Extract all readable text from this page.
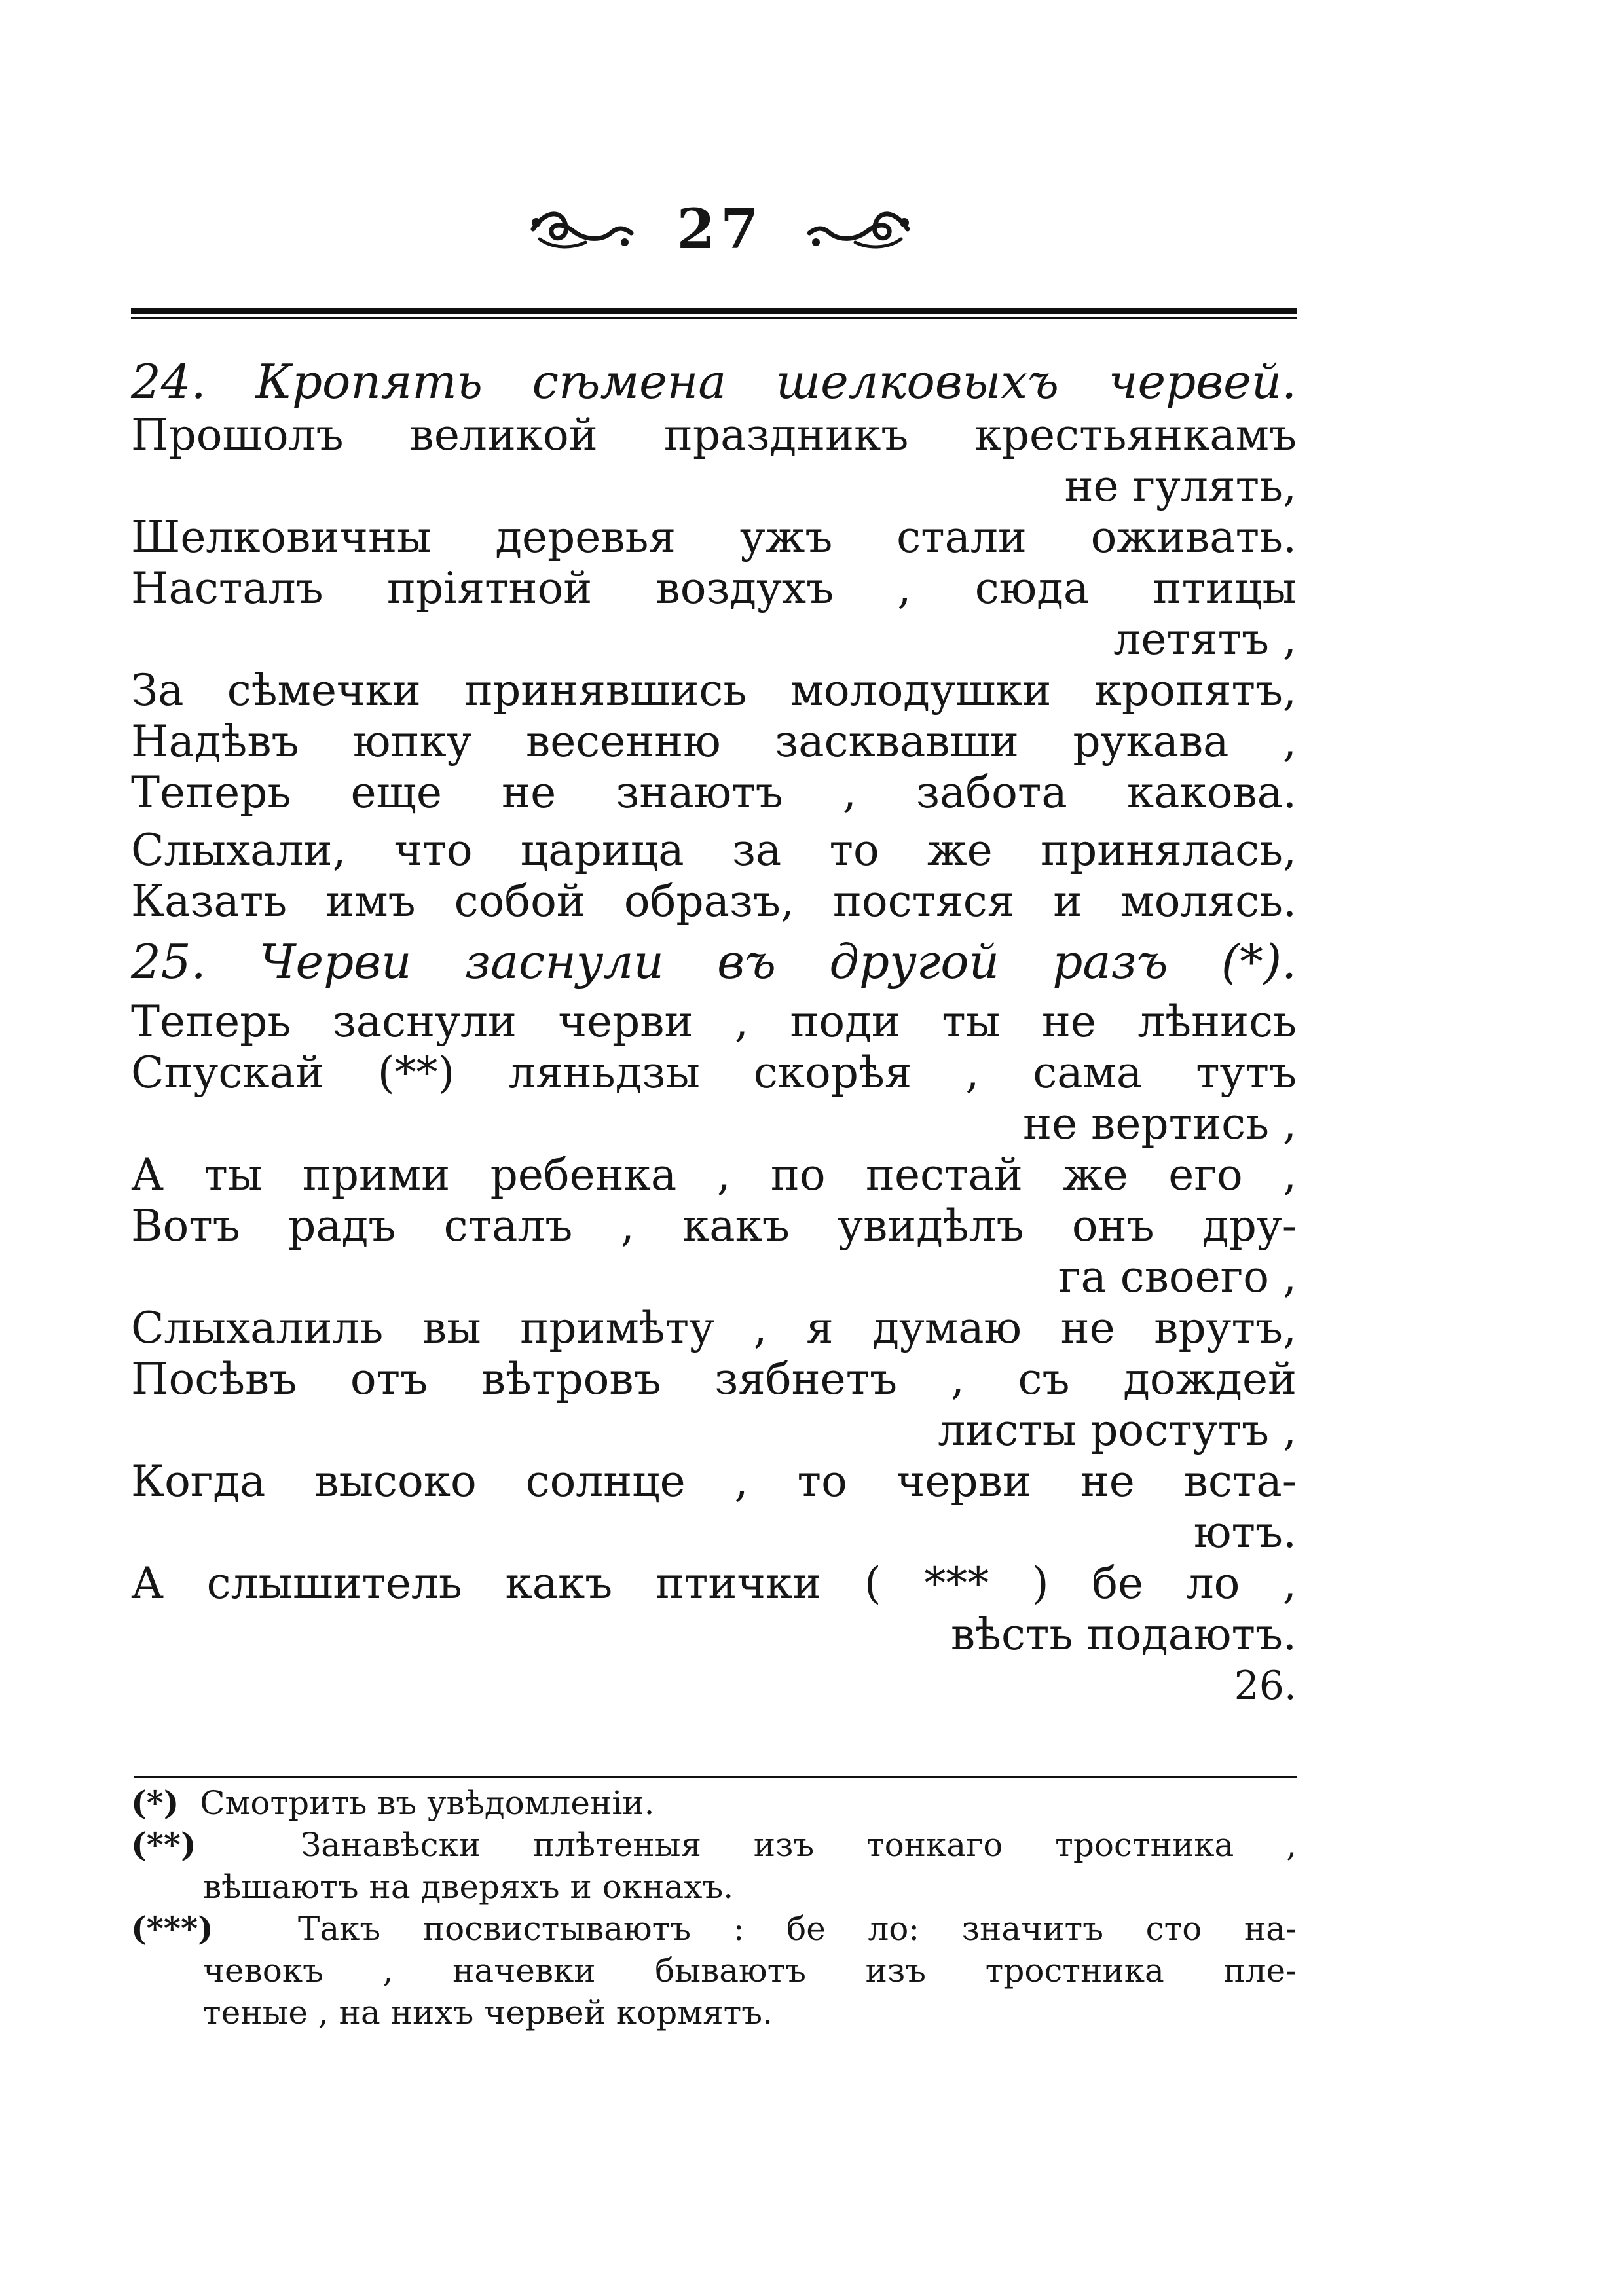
27
24. Кропять сѣмена шелковыхъ червей.
Прошолъ великой праздникъ крестьянкамъ
не гулять,
Шелковичны деревья ужъ стали оживать.
Насталъ прiятной воздухъ , сюда птицы
летятъ ,
За сѣмечки принявшись молодушки кропятъ,
Надѣвъ юпку весенню засквавши рукава ,
Теперь еще не знаютъ , забота какова.
Слыхали, что царица за то же принялась,
Казать имъ собой образъ, постяся и молясь.
25. Черви заснули въ другой разъ (*).
Теперь заснули черви , поди ты не лѣнись
Спускай (**) ляньдзы скорѣя , сама тутъ
не вертись ,
А ты прими ребенка , по пестай же его ,
Вотъ радъ сталъ , какъ увидѣлъ онъ дру-
га своего ,
Слыхалиль вы примѣту , я думаю не врутъ,
Посѣвъ отъ вѣтровъ зябнетъ , съ дождей
листы ростутъ ,
Когда высоко солнце , то черви не вста-
ютъ.
А слышитель какъ птички ( *** ) бе ло ,
вѣсть подаютъ.
26.
(*) Смотрить въ увѣдомленiи.
(**)	Занавѣски плѣтеныя изъ тонкаго тростника ,
вѣшаютъ на дверяхъ и окнахъ.
(***)	Такъ посвистываютъ : бе ло: значитъ сто на-
чевокъ , начевки бываютъ изъ тростника пле-
теные , на нихъ червей кормятъ.
